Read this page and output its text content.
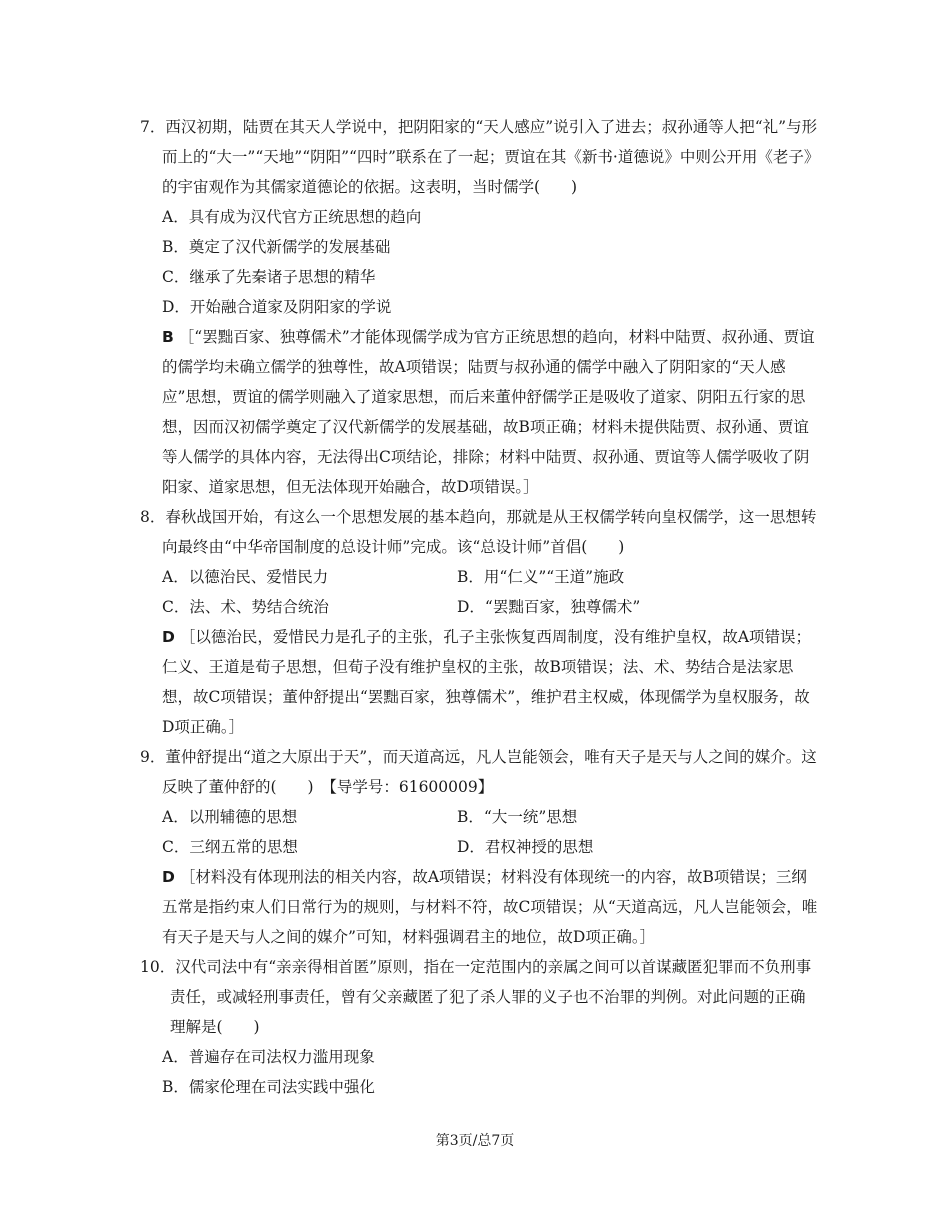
7．西汉初期，陆贾在其天人学说中，把阴阳家的“天人感应”说引入了进去；叔孙通等人把“礼”与形而上的“大一”“天地”“阴阳”“四时”联系在了一起；贾谊在其《新书·道德说》中则公开用《老子》的宇宙观作为其儒家道德论的依据。这表明，当时儒学(　　)

A．具有成为汉代官方正统思想的趋向
B．奠定了汉代新儒学的发展基础
C．继承了先秦诸子思想的精华
D．开始融合道家及阴阳家的学说

B ［“罢黜百家、独尊儒术”才能体现儒学成为官方正统思想的趋向，材料中陆贾、叔孙通、贾谊的儒学均未确立儒学的独尊性，故A项错误；陆贾与叔孙通的儒学中融入了阴阳家的“天人感应”思想，贾谊的儒学则融入了道家思想，而后来董仲舒儒学正是吸收了道家、阴阳五行家的思想，因而汉初儒学奠定了汉代新儒学的发展基础，故B项正确；材料未提供陆贾、叔孙通、贾谊等人儒学的具体内容，无法得出C项结论，排除；材料中陆贾、叔孙通、贾谊等人儒学吸收了阴阳家、道家思想，但无法体现开始融合，故D项错误。］

8．春秋战国开始，有这么一个思想发展的基本趋向，那就是从王权儒学转向皇权儒学，这一思想转向最终由“中华帝国制度的总设计师”完成。该“总设计师”首倡(　　)

A．以德治民、爱惜民力	B．用“仁义”“王道”施政
C．法、术、势结合统治	D．“罢黜百家，独尊儒术”

D ［以德治民，爱惜民力是孔子的主张，孔子主张恢复西周制度，没有维护皇权，故A项错误；仁义、王道是荀子思想，但荀子没有维护皇权的主张，故B项错误；法、术、势结合是法家思想，故C项错误；董仲舒提出“罢黜百家，独尊儒术”，维护君主权威，体现儒学为皇权服务，故D项正确。］

9．董仲舒提出“道之大原出于天”，而天道高远，凡人岂能领会，唯有天子是天与人之间的媒介。这反映了董仲舒的(　　)　【导学号：61600009】

A．以刑辅德的思想	B．“大一统”思想
C．三纲五常的思想	D．君权神授的思想

D ［材料没有体现刑法的相关内容，故A项错误；材料没有体现统一的内容，故B项错误；三纲五常是指约束人们日常行为的规则，与材料不符，故C项错误；从“天道高远，凡人岂能领会，唯有天子是天与人之间的媒介”可知，材料强调君主的地位，故D项正确。］

10．汉代司法中有“亲亲得相首匿”原则，指在一定范围内的亲属之间可以首谋藏匿犯罪而不负刑事责任，或减轻刑事责任，曾有父亲藏匿了犯了杀人罪的义子也不治罪的判例。对此问题的正确理解是(　　)

A．普遍存在司法权力滥用现象
B．儒家伦理在司法实践中强化
第3页/总7页
